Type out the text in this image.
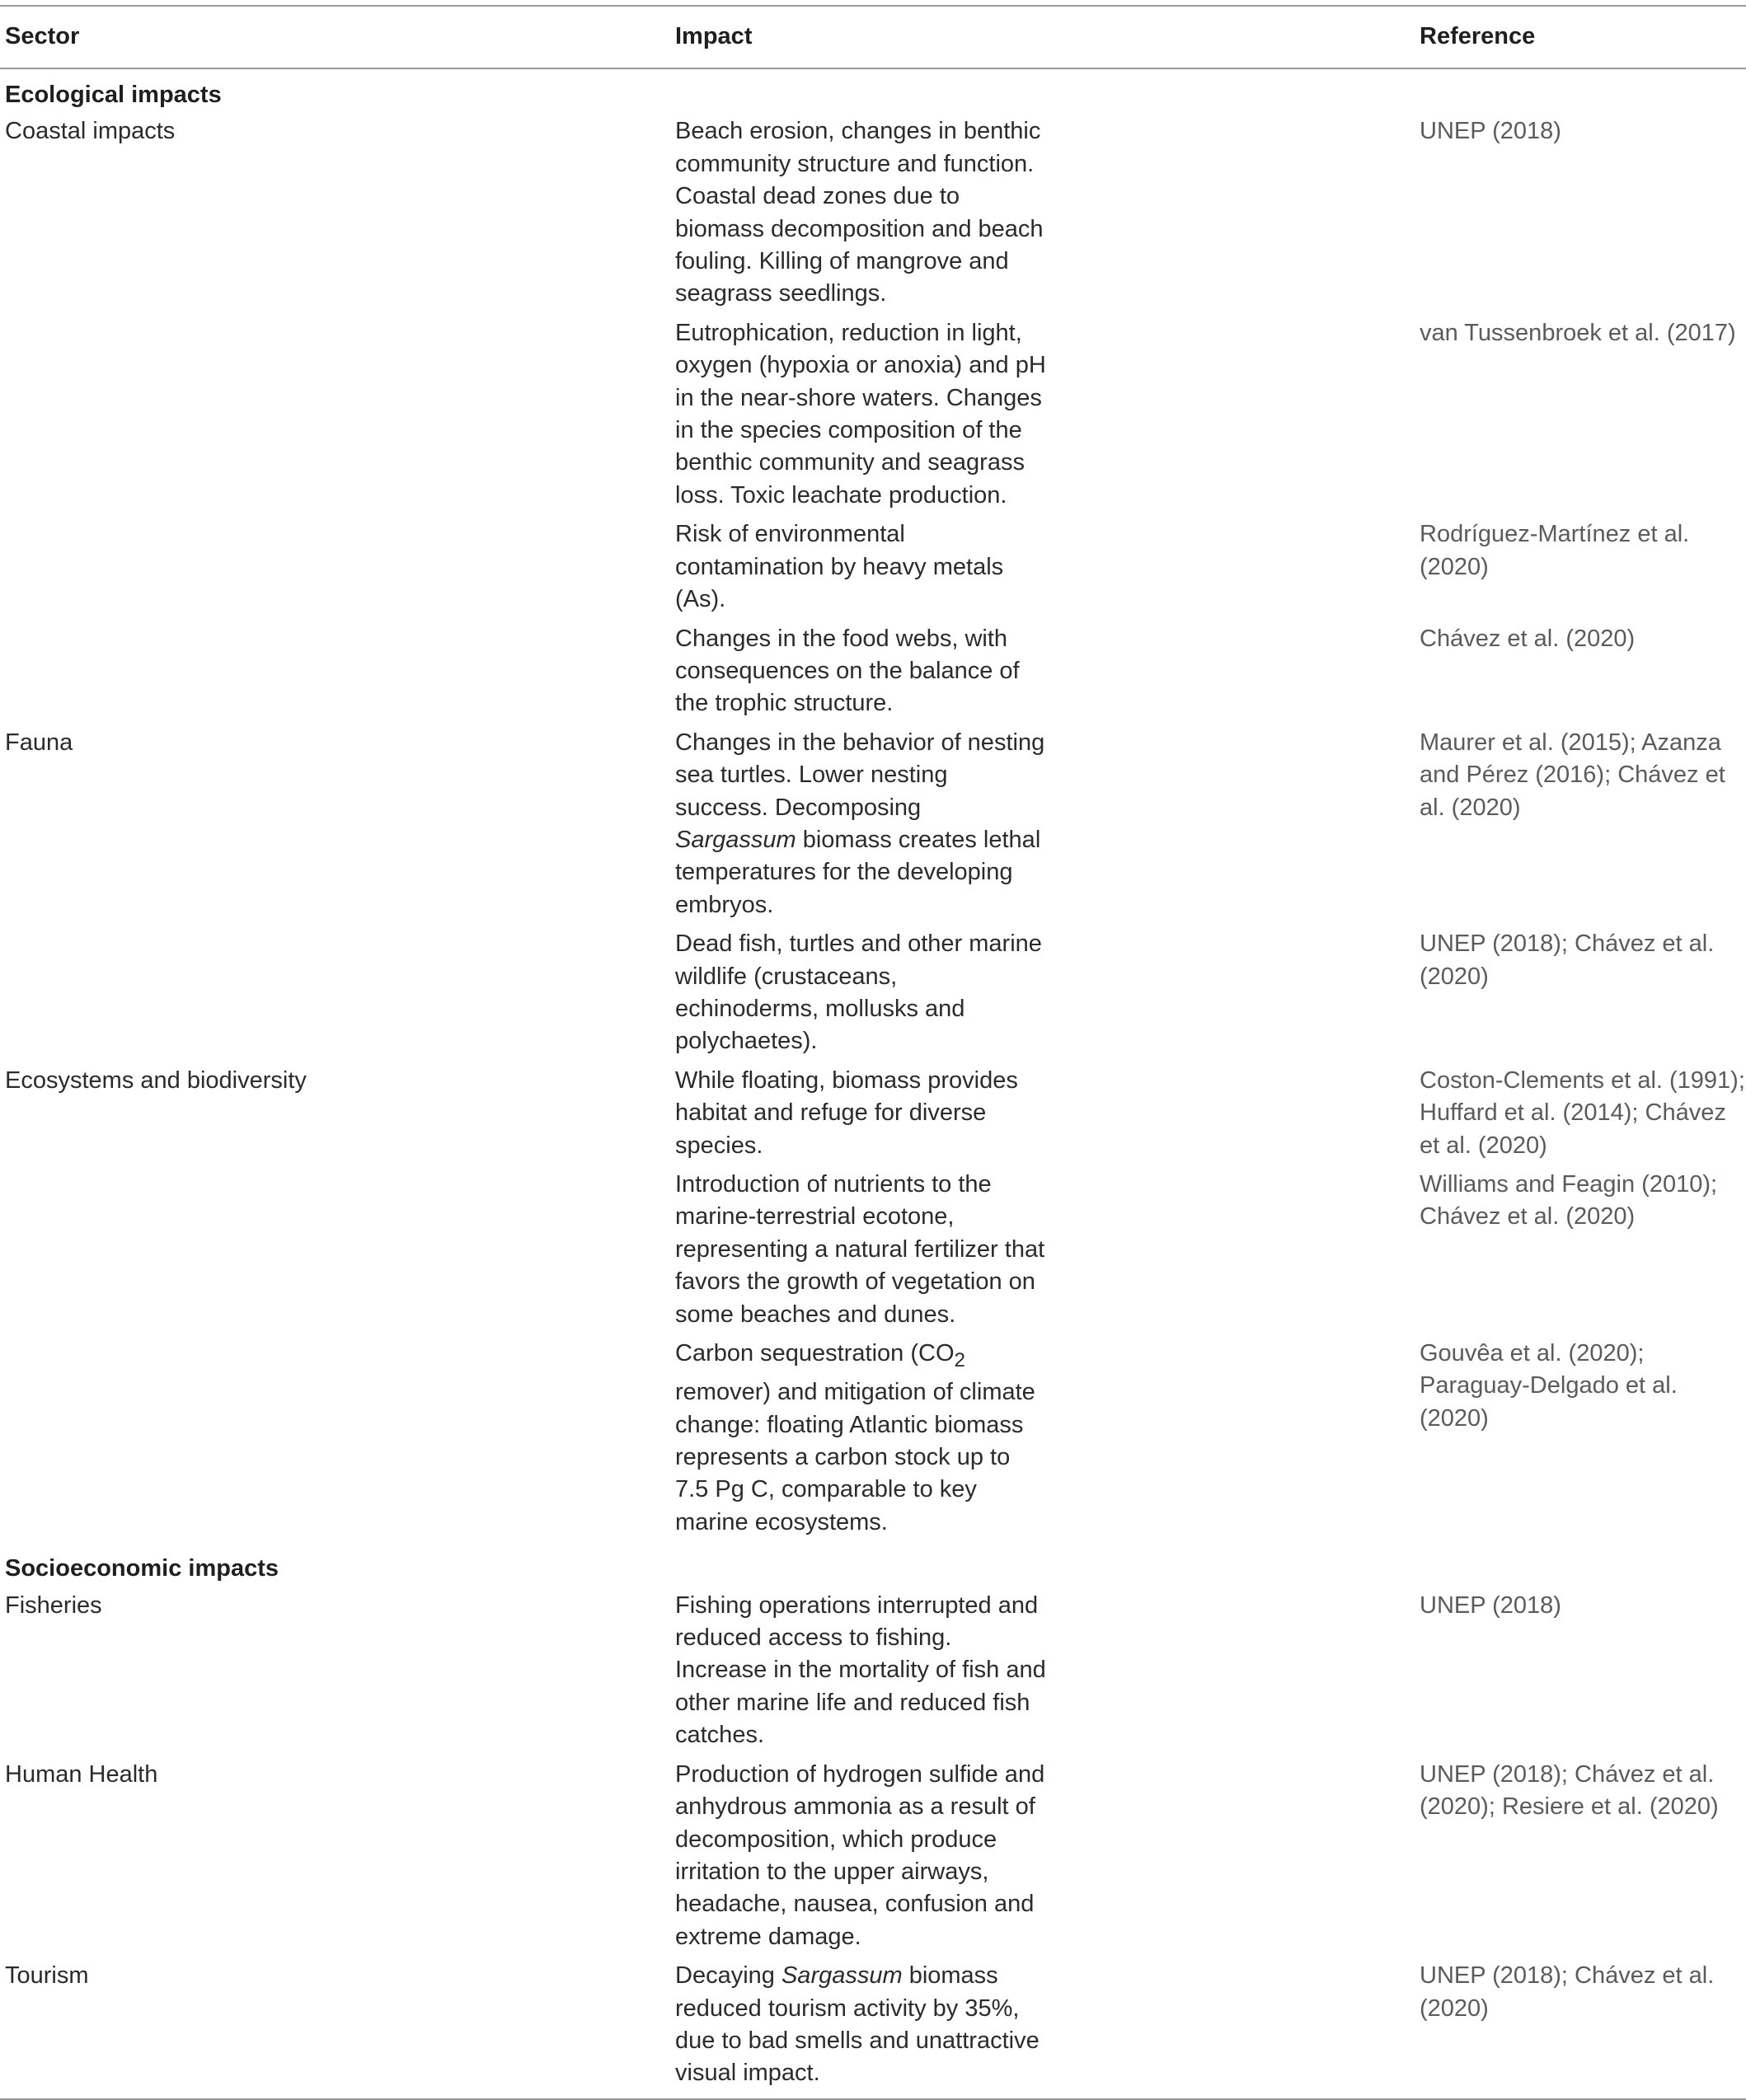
Sector	Impact	Reference
Ecological impacts		
Coastal impacts	Beach erosion, changes in benthic community structure and function. Coastal dead zones due to biomass decomposition and beach fouling. Killing of mangrove and seagrass seedlings.	UNEP (2018)

	Eutrophication, reduction in light, oxygen (hypoxia or anoxia) and pH in the near-shore waters. Changes in the species composition of the benthic community and seagrass loss. Toxic leachate production.	van Tussenbroek et al. (2017)

	Risk of environmental contamination by heavy metals (As).	Rodríguez-Martínez et al. (2020)

	Changes in the food webs, with consequences on the balance of the trophic structure.	Chávez et al. (2020)

Fauna	Changes in the behavior of nesting sea turtles. Lower nesting success. Decomposing Sargassum biomass creates lethal temperatures for the developing embryos.	Maurer et al. (2015); Azanza and Pérez (2016); Chávez et al. (2020)

	Dead fish, turtles and other marine wildlife (crustaceans, echinoderms, mollusks and polychaetes).	UNEP (2018); Chávez et al. (2020)

Ecosystems and biodiversity	While floating, biomass provides habitat and refuge for diverse species.	Coston-Clements et al. (1991); Huffard et al. (2014); Chávez et al. (2020)

	Introduction of nutrients to the marine-terrestrial ecotone, representing a natural fertilizer that favors the growth of vegetation on some beaches and dunes.	Williams and Feagin (2010); Chávez et al. (2020)

	Carbon sequestration ($CO_2$ remover) and mitigation of climate change: floating Atlantic biomass represents a carbon stock up to 7.5 Pg C, comparable to key marine ecosystems.	Gouvêa et al. (2020); Paraguay-Delgado et al. (2020)

Socioeconomic impacts		
Fisheries	Fishing operations interrupted and reduced access to fishing. Increase in the mortality of fish and other marine life and reduced fish catches.	UNEP (2018)

Human Health	Production of hydrogen sulfide and anhydrous ammonia as a result of decomposition, which produce irritation to the upper airways, headache, nausea, confusion and extreme damage.	UNEP (2018); Chávez et al. (2020); Resiere et al. (2020)

Tourism	Decaying Sargassum biomass reduced tourism activity by 35%, due to bad smells and unattractive visual impact.	UNEP (2018); Chávez et al. (2020)
